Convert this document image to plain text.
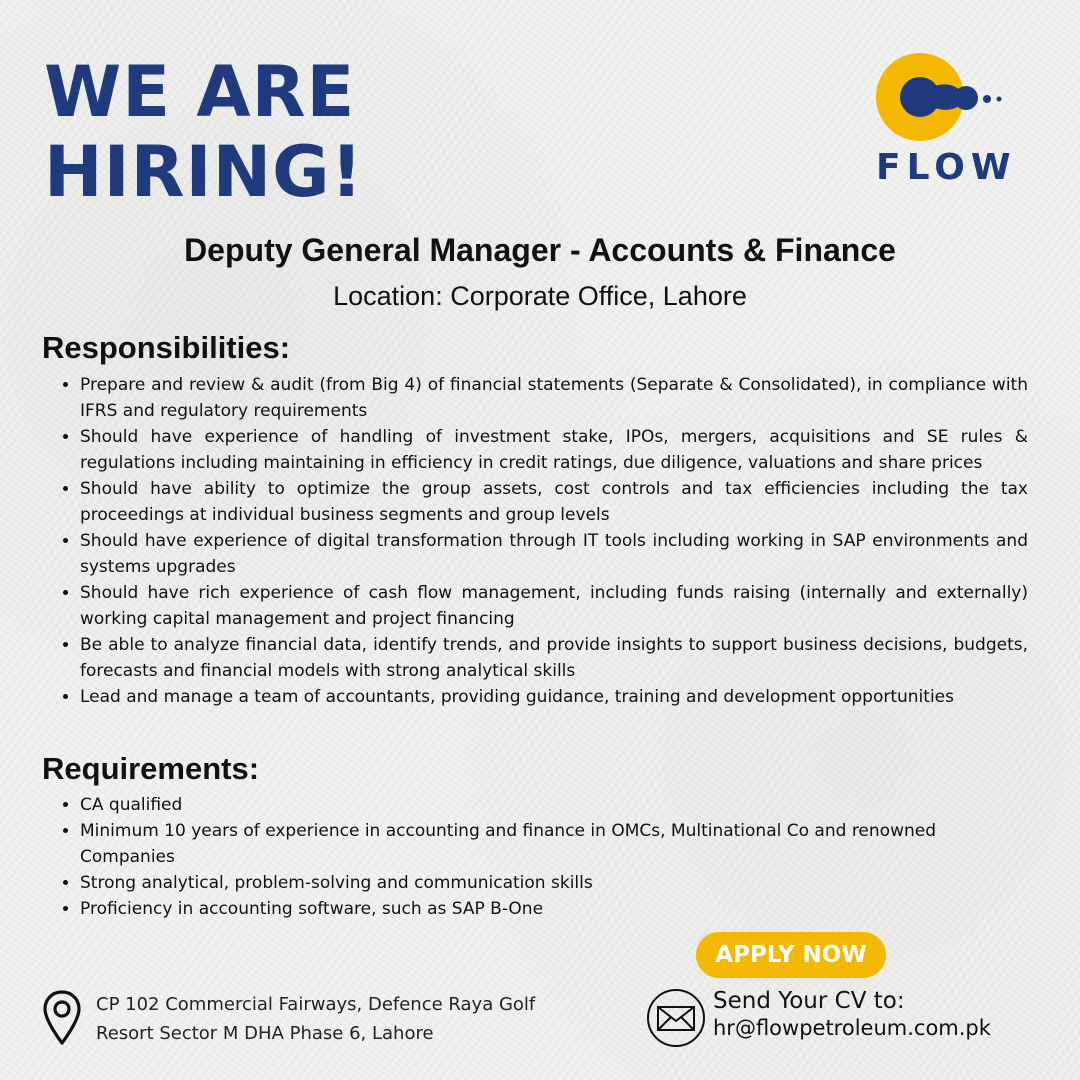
WE ARE
HIRING!	FLOW
Deputy General Manager - Accounts & Finance
Location: Corporate Office, Lahore
Responsibilities:
• Prepare and review & audit (from Big 4) of financial statements (Separate & Consolidated), in compliance with IFRS and regulatory requirements
• Should have experience of handling of investment stake, IPOs, mergers, acquisitions and SE rules & regulations including maintaining in efficiency in credit ratings, due diligence, valuations and share prices
• Should have ability to optimize the group assets, cost controls and tax efficiencies including the tax proceedings at individual business segments and group levels
• Should have experience of digital transformation through IT tools including working in SAP environments and systems upgrades
• Should have rich experience of cash flow management, including funds raising (internally and externally) working capital management and project financing
• Be able to analyze financial data, identify trends, and provide insights to support business decisions, budgets, forecasts and financial models with strong analytical skills
• Lead and manage a team of accountants, providing guidance, training and development opportunities
Requirements:
• CA qualified
• Minimum 10 years of experience in accounting and finance in OMCs, Multinational Co and renowned Companies
• Strong analytical, problem-solving and communication skills
• Proficiency in accounting software, such as SAP B-One
APPLY NOW
CP 102 Commercial Fairways, Defence Raya Golf
Resort Sector M DHA Phase 6, Lahore
Send Your CV to:
hr@flowpetroleum.com.pk
